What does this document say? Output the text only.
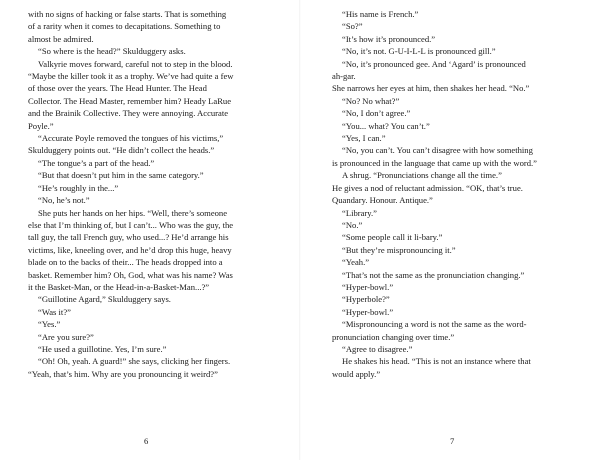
with no signs of hacking or false starts. That is something
of a rarity when it comes to decapitations. Something to
almost be admired.
“So where is the head?” Skulduggery asks.
Valkyrie moves forward, careful not to step in the blood.
“Maybe the killer took it as a trophy. We’ve had quite a few
of those over the years. The Head Hunter. The Head
Collector. The Head Master, remember him? Heady LaRue
and the Brainik Collective. They were annoying. Accurate
Poyle.”
“Accurate Poyle removed the tongues of his victims,”
Skulduggery points out. “He didn’t collect the heads.”
“The tongue’s a part of the head.”
“But that doesn’t put him in the same category.”
“He’s roughly in the...”
“No, he’s not.”
She puts her hands on her hips. “Well, there’s someone
else that I’m thinking of, but I can’t... Who was the guy, the
tall guy, the tall French guy, who used...? He’d arrange his
victims, like, kneeling over, and he’d drop this huge, heavy
blade on to the backs of their... The heads dropped into a
basket. Remember him? Oh, God, what was his name? Was
it the Basket-Man, or the Head-in-a-Basket-Man...?”
“Guillotine Agard,” Skulduggery says.
“Was it?”
“Yes.”
“Are you sure?”
“He used a guillotine. Yes, I’m sure.”
“Oh! Oh, yeah. A guard!” she says, clicking her fingers.
“Yeah, that’s him. Why are you pronouncing it weird?”
“His name is French.”
“So?”
“It’s how it’s pronounced.”
“No, it’s not. G-U-I-L-L is pronounced gill.”
“No, it’s pronounced gee. And ‘Agard’ is pronounced
ah-gar.
She narrows her eyes at him, then shakes her head. “No.”
“No? No what?”
“No, I don’t agree.”
“You... what? You can’t.”
“Yes, I can.”
“No, you can’t. You can’t disagree with how something
is pronounced in the language that came up with the word.”
A shrug. “Pronunciations change all the time.”
He gives a nod of reluctant admission. “OK, that’s true.
Quandary. Honour. Antique.”
“Library.”
“No.”
“Some people call it li-bary.”
“But they’re mispronouncing it.”
“Yeah.”
“That’s not the same as the pronunciation changing.”
“Hyper-bowl.”
“Hyperbole?”
“Hyper-bowl.”
“Mispronouncing a word is not the same as the word-
pronunciation changing over time.”
“Agree to disagree.”
He shakes his head. “This is not an instance where that
would apply.”
6	7
